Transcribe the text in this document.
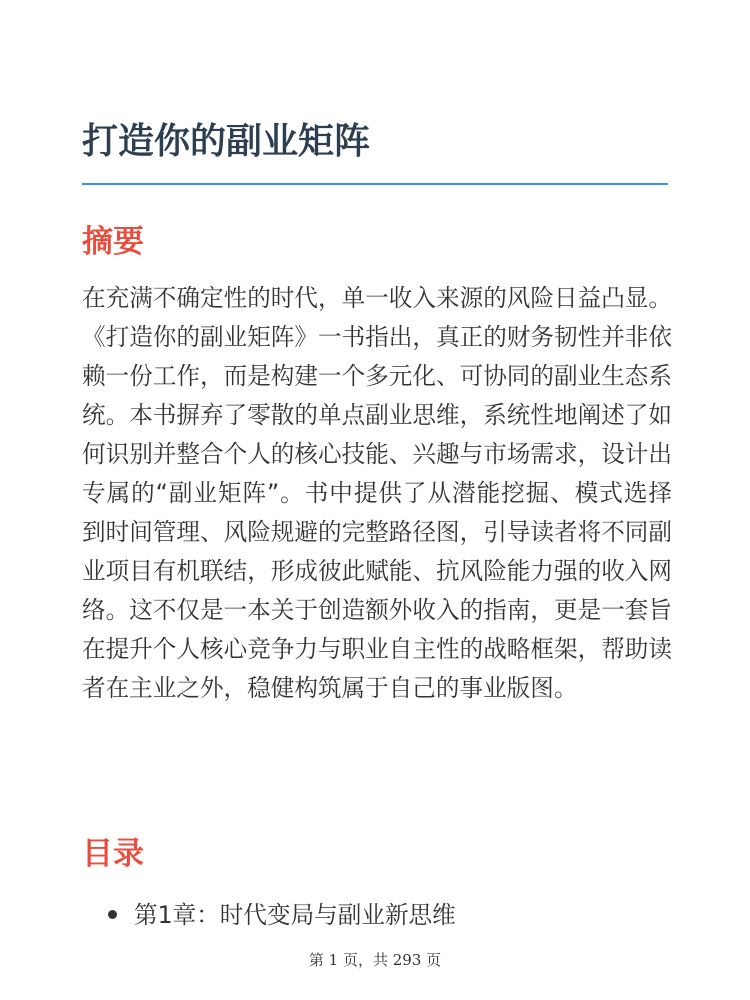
打造你的副业矩阵
摘要

在充满不确定性的时代，单一收入来源的风险日益凸显。《打造你的副业矩阵》一书指出，真正的财务韧性并非依赖一份工作，而是构建一个多元化、可协同的副业生态系统。本书摒弃了零散的单点副业思维，系统性地阐述了如何识别并整合个人的核心技能、兴趣与市场需求，设计出专属的“副业矩阵”。书中提供了从潜能挖掘、模式选择到时间管理、风险规避的完整路径图，引导读者将不同副业项目有机联结，形成彼此赋能、抗风险能力强的收入网络。这不仅是一本关于创造额外收入的指南，更是一套旨在提升个人核心竞争力与职业自主性的战略框架，帮助读者在主业之外，稳健构筑属于自己的事业版图。

目录
第1章：时代变局与副业新思维
第 1 页，共 293 页
